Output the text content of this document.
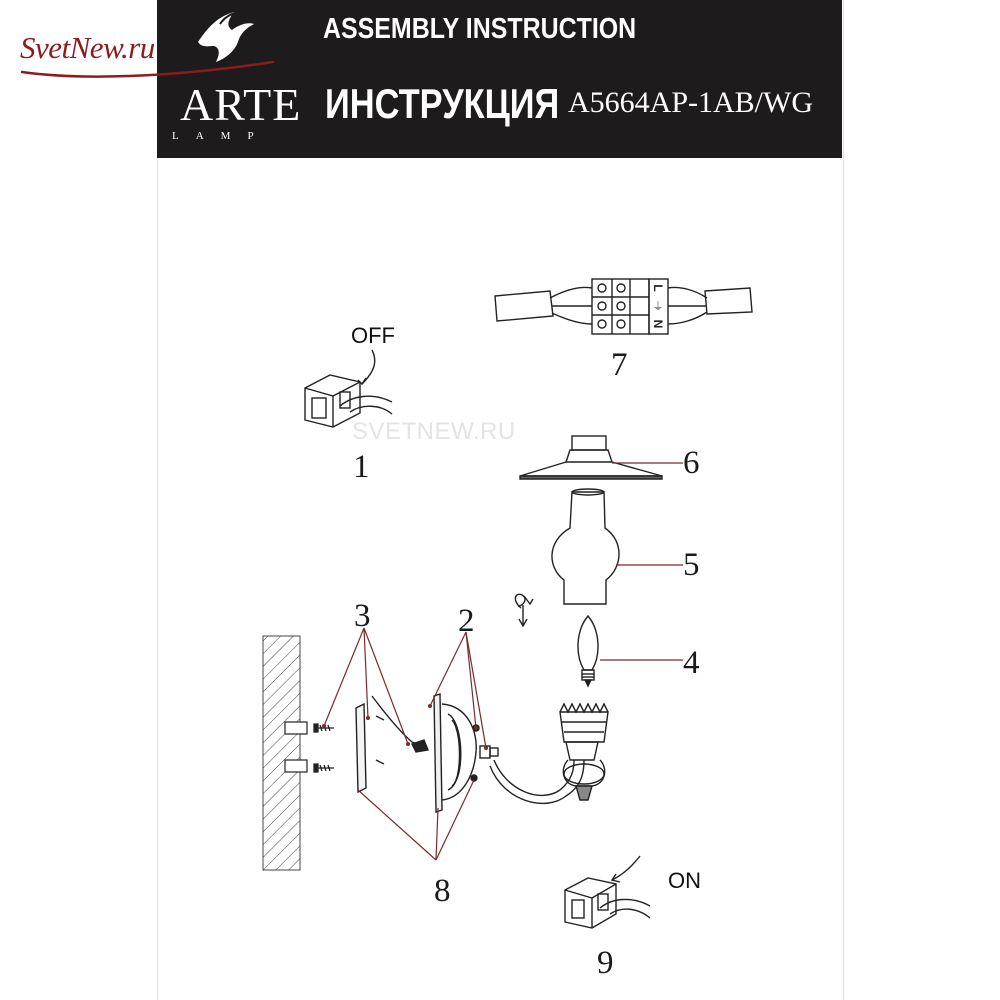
ARTE
LAMP
ASSEMBLY INSTRUCTION
ИНСТРУКЦИЯ A5664AP-1AB/WG
SvetNew.ru
SVETNEW.RU
L
⏚
N
OFF
ON
7
1	6
5
4
3	2
8
9
